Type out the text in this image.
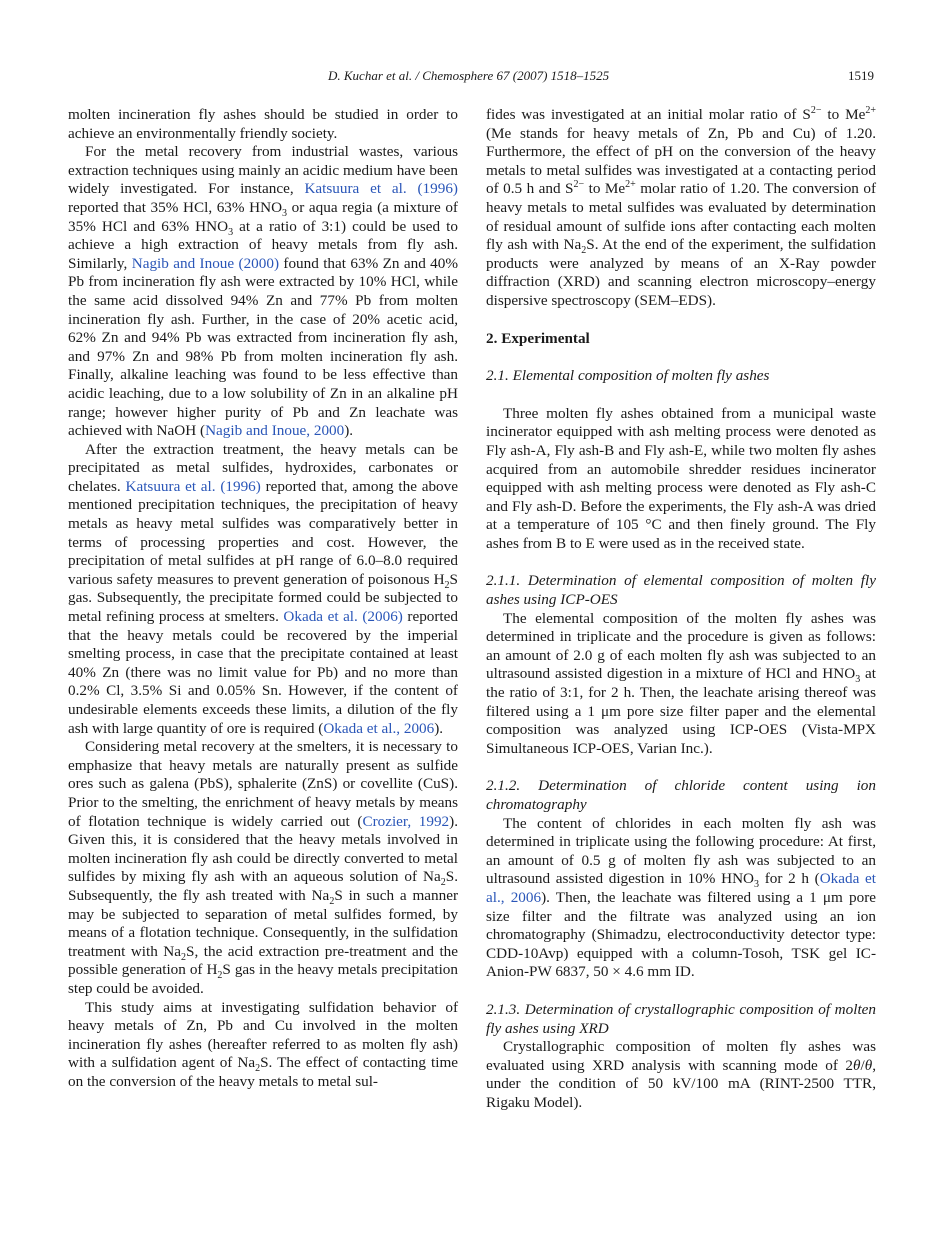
D. Kuchar et al. / Chemosphere 67 (2007) 1518–1525	1519

molten incineration fly ashes should be studied in order to achieve an environmentally friendly society.

For the metal recovery from industrial wastes, various extraction techniques using mainly an acidic medium have been widely investigated. For instance, Katsuura et al. (1996) reported that 35% HCl, 63% $HNO_3$ or aqua regia (a mixture of 35% HCl and 63% $HNO_3$ at a ratio of 3:1) could be used to achieve a high extraction of heavy metals from fly ash. Similarly, Nagib and Inoue (2000) found that 63% Zn and 40% Pb from incineration fly ash were extracted by 10% HCl, while the same acid dissolved 94% Zn and 77% Pb from molten incineration fly ash. Further, in the case of 20% acetic acid, 62% Zn and 94% Pb was extracted from incineration fly ash, and 97% Zn and 98% Pb from molten incineration fly ash. Finally, alkaline leaching was found to be less effective than acidic leaching, due to a low solubility of Zn in an alkaline pH range; however higher purity of Pb and Zn leachate was achieved with NaOH (Nagib and Inoue, 2000).

After the extraction treatment, the heavy metals can be precipitated as metal sulfides, hydroxides, carbonates or chelates. Katsuura et al. (1996) reported that, among the above mentioned precipitation techniques, the precipitation of heavy metals as heavy metal sulfides was comparatively better in terms of processing properties and cost. However, the precipitation of metal sulfides at pH range of 6.0–8.0 required various safety measures to prevent generation of poisonous $H_2S$ gas. Subsequently, the precipitate formed could be subjected to metal refining process at smelters. Okada et al. (2006) reported that the heavy metals could be recovered by the imperial smelting process, in case that the precipitate contained at least 40% Zn (there was no limit value for Pb) and no more than 0.2% Cl, 3.5% Si and 0.05% Sn. However, if the content of undesirable elements exceeds these limits, a dilution of the fly ash with large quantity of ore is required (Okada et al., 2006).

Considering metal recovery at the smelters, it is necessary to emphasize that heavy metals are naturally present as sulfide ores such as galena (PbS), sphalerite (ZnS) or covellite (CuS). Prior to the smelting, the enrichment of heavy metals by means of flotation technique is widely carried out (Crozier, 1992). Given this, it is considered that the heavy metals involved in molten incineration fly ash could be directly converted to metal sulfides by mixing fly ash with an aqueous solution of $Na_2S$. Subsequently, the fly ash treated with $Na_2S$ in such a manner may be subjected to separation of metal sulfides formed, by means of a flotation technique. Consequently, in the sulfidation treatment with $Na_2S$, the acid extraction pre-treatment and the possible generation of $H_2S$ gas in the heavy metals precipitation step could be avoided.

This study aims at investigating sulfidation behavior of heavy metals of Zn, Pb and Cu involved in the molten incineration fly ashes (hereafter referred to as molten fly ash) with a sulfidation agent of $Na_2S$. The effect of contacting time on the conversion of the heavy metals to metal sul-

fides was investigated at an initial molar ratio of $S^{2-}$ to $Me^{2+}$ (Me stands for heavy metals of Zn, Pb and Cu) of 1.20. Furthermore, the effect of pH on the conversion of the heavy metals to metal sulfides was investigated at a contacting period of 0.5 h and $S^{2-}$ to $Me^{2+}$ molar ratio of 1.20. The conversion of heavy metals to metal sulfides was evaluated by determination of residual amount of sulfide ions after contacting each molten fly ash with $Na_2S$. At the end of the experiment, the sulfidation products were analyzed by means of an X-Ray powder diffraction (XRD) and scanning electron microscopy–energy dispersive spectroscopy (SEM–EDS).

2. Experimental
2.1. Elemental composition of molten fly ashes

Three molten fly ashes obtained from a municipal waste incinerator equipped with ash melting process were denoted as Fly ash-A, Fly ash-B and Fly ash-E, while two molten fly ashes acquired from an automobile shredder residues incinerator equipped with ash melting process were denoted as Fly ash-C and Fly ash-D. Before the experiments, the Fly ash-A was dried at a temperature of 105 °C and then finely ground. The Fly ashes from B to E were used as in the received state.

2.1.1. Determination of elemental composition of molten fly ashes using ICP-OES

The elemental composition of the molten fly ashes was determined in triplicate and the procedure is given as follows: an amount of 2.0 g of each molten fly ash was subjected to an ultrasound assisted digestion in a mixture of HCl and $HNO_3$ at the ratio of 3:1, for 2 h. Then, the leachate arising thereof was filtered using a 1 μm pore size filter paper and the elemental composition was analyzed using ICP-OES (Vista-MPX Simultaneous ICP-OES, Varian Inc.).

2.1.2. Determination of chloride content using ion chromatography

The content of chlorides in each molten fly ash was determined in triplicate using the following procedure: At first, an amount of 0.5 g of molten fly ash was subjected to an ultrasound assisted digestion in 10% $HNO_3$ for 2 h (Okada et al., 2006). Then, the leachate was filtered using a 1 μm pore size filter and the filtrate was analyzed using an ion chromatography (Shimadzu, electroconductivity detector type: CDD-10Avp) equipped with a column-Tosoh, TSK gel IC-Anion-PW 6837, 50 × 4.6 mm ID.

2.1.3. Determination of crystallographic composition of molten fly ashes using XRD

Crystallographic composition of molten fly ashes was evaluated using XRD analysis with scanning mode of 2θ/θ, under the condition of 50 kV/100 mA (RINT-2500 TTR, Rigaku Model).
